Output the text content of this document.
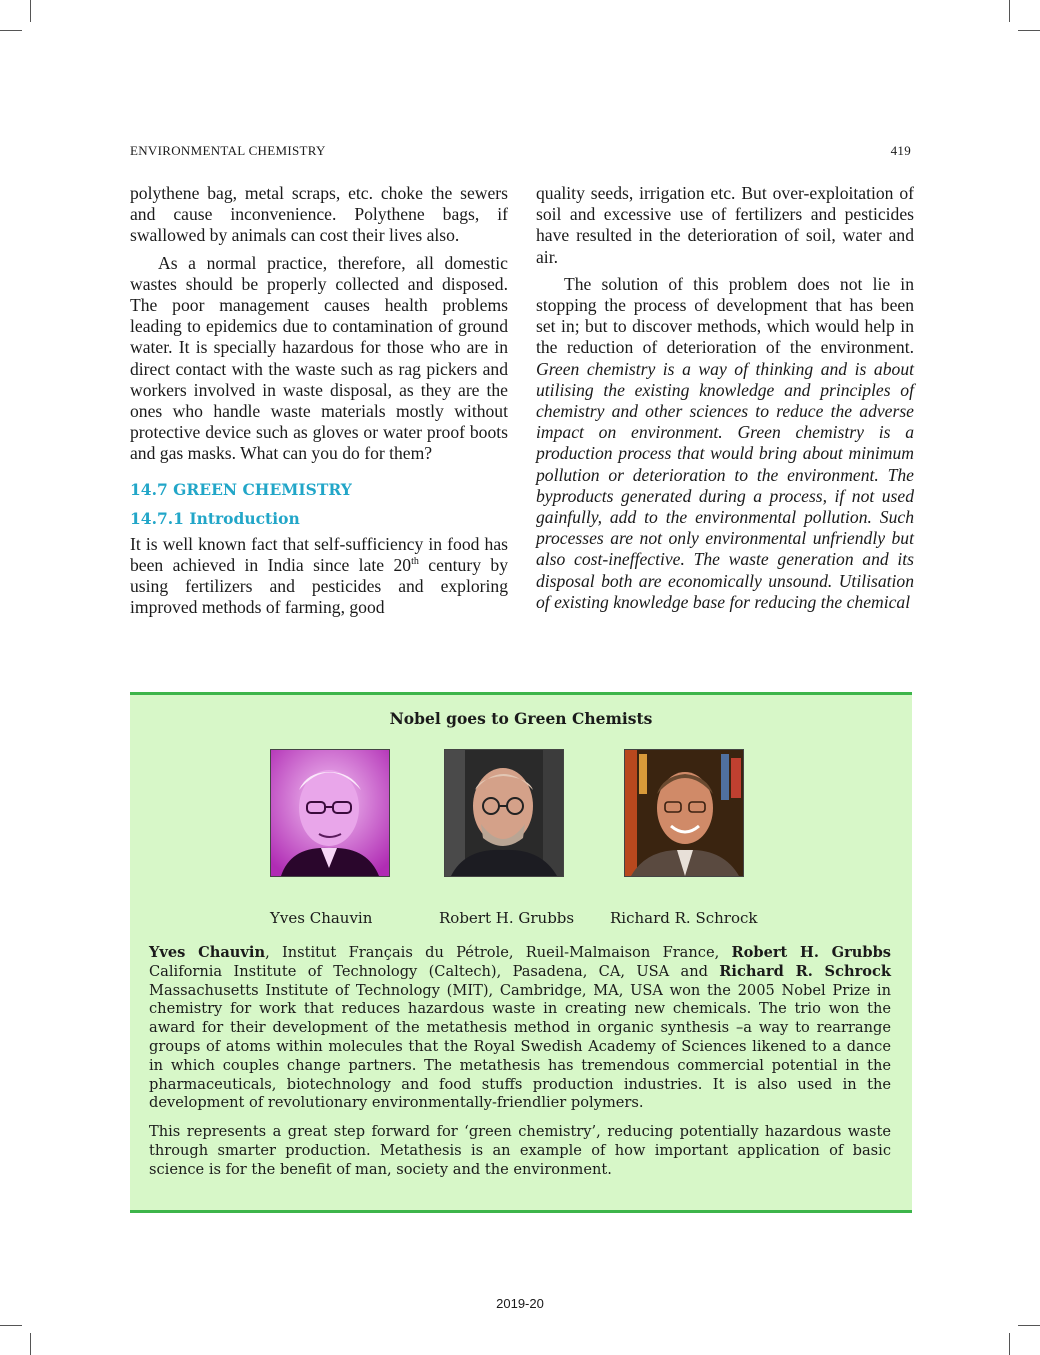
ENVIRONMENTAL CHEMISTRY	419

polythene bag, metal scraps, etc. choke the sewers and cause inconvenience. Polythene bags, if swallowed by animals can cost their lives also.

As a normal practice, therefore, all domestic wastes should be properly collected and disposed. The poor management causes health problems leading to epidemics due to contamination of ground water. It is specially hazardous for those who are in direct contact with the waste such as rag pickers and workers involved in waste disposal, as they are the ones who handle waste materials mostly without protective device such as gloves or water proof boots and gas masks. What can you do for them?

14.7 GREEN CHEMISTRY
14.7.1 Introduction

It is well known fact that self-sufficiency in food has been achieved in India since late 20th century by using fertilizers and pesticides and exploring improved methods of farming, good

quality seeds, irrigation etc. But over-exploitation of soil and excessive use of fertilizers and pesticides have resulted in the deterioration of soil, water and air.

The solution of this problem does not lie in stopping the process of development that has been set in; but to discover methods, which would help in the reduction of deterioration of the environment. Green chemistry is a way of thinking and is about utilising the existing knowledge and principles of chemistry and other sciences to reduce the adverse impact on environment. Green chemistry is a production process that would bring about minimum pollution or deterioration to the environment. The byproducts generated during a process, if not used gainfully, add to the environmental pollution. Such processes are not only environmental unfriendly but also cost-ineffective. The waste generation and its disposal both are economically unsound. Utilisation of existing knowledge base for reducing the chemical

Nobel goes to Green Chemists
Yves Chauvin	Robert H. Grubbs Richard R. Schrock

Yves Chauvin, Institut Français du Pétrole, Rueil-Malmaison France, Robert H. Grubbs California Institute of Technology (Caltech), Pasadena, CA, USA and Richard R. Schrock Massachusetts Institute of Technology (MIT), Cambridge, MA, USA won the 2005 Nobel Prize in chemistry for work that reduces hazardous waste in creating new chemicals. The trio won the award for their development of the metathesis method in organic synthesis –a way to rearrange groups of atoms within molecules that the Royal Swedish Academy of Sciences likened to a dance in which couples change partners. The metathesis has tremendous commercial potential in the pharmaceuticals, biotechnology and food stuffs production industries. It is also used in the development of revolutionary environmentally-friendlier polymers.

This represents a great step forward for ‘green chemistry’, reducing potentially hazardous waste through smarter production. Metathesis is an example of how important application of basic science is for the benefit of man, society and the environment.

2019-20
